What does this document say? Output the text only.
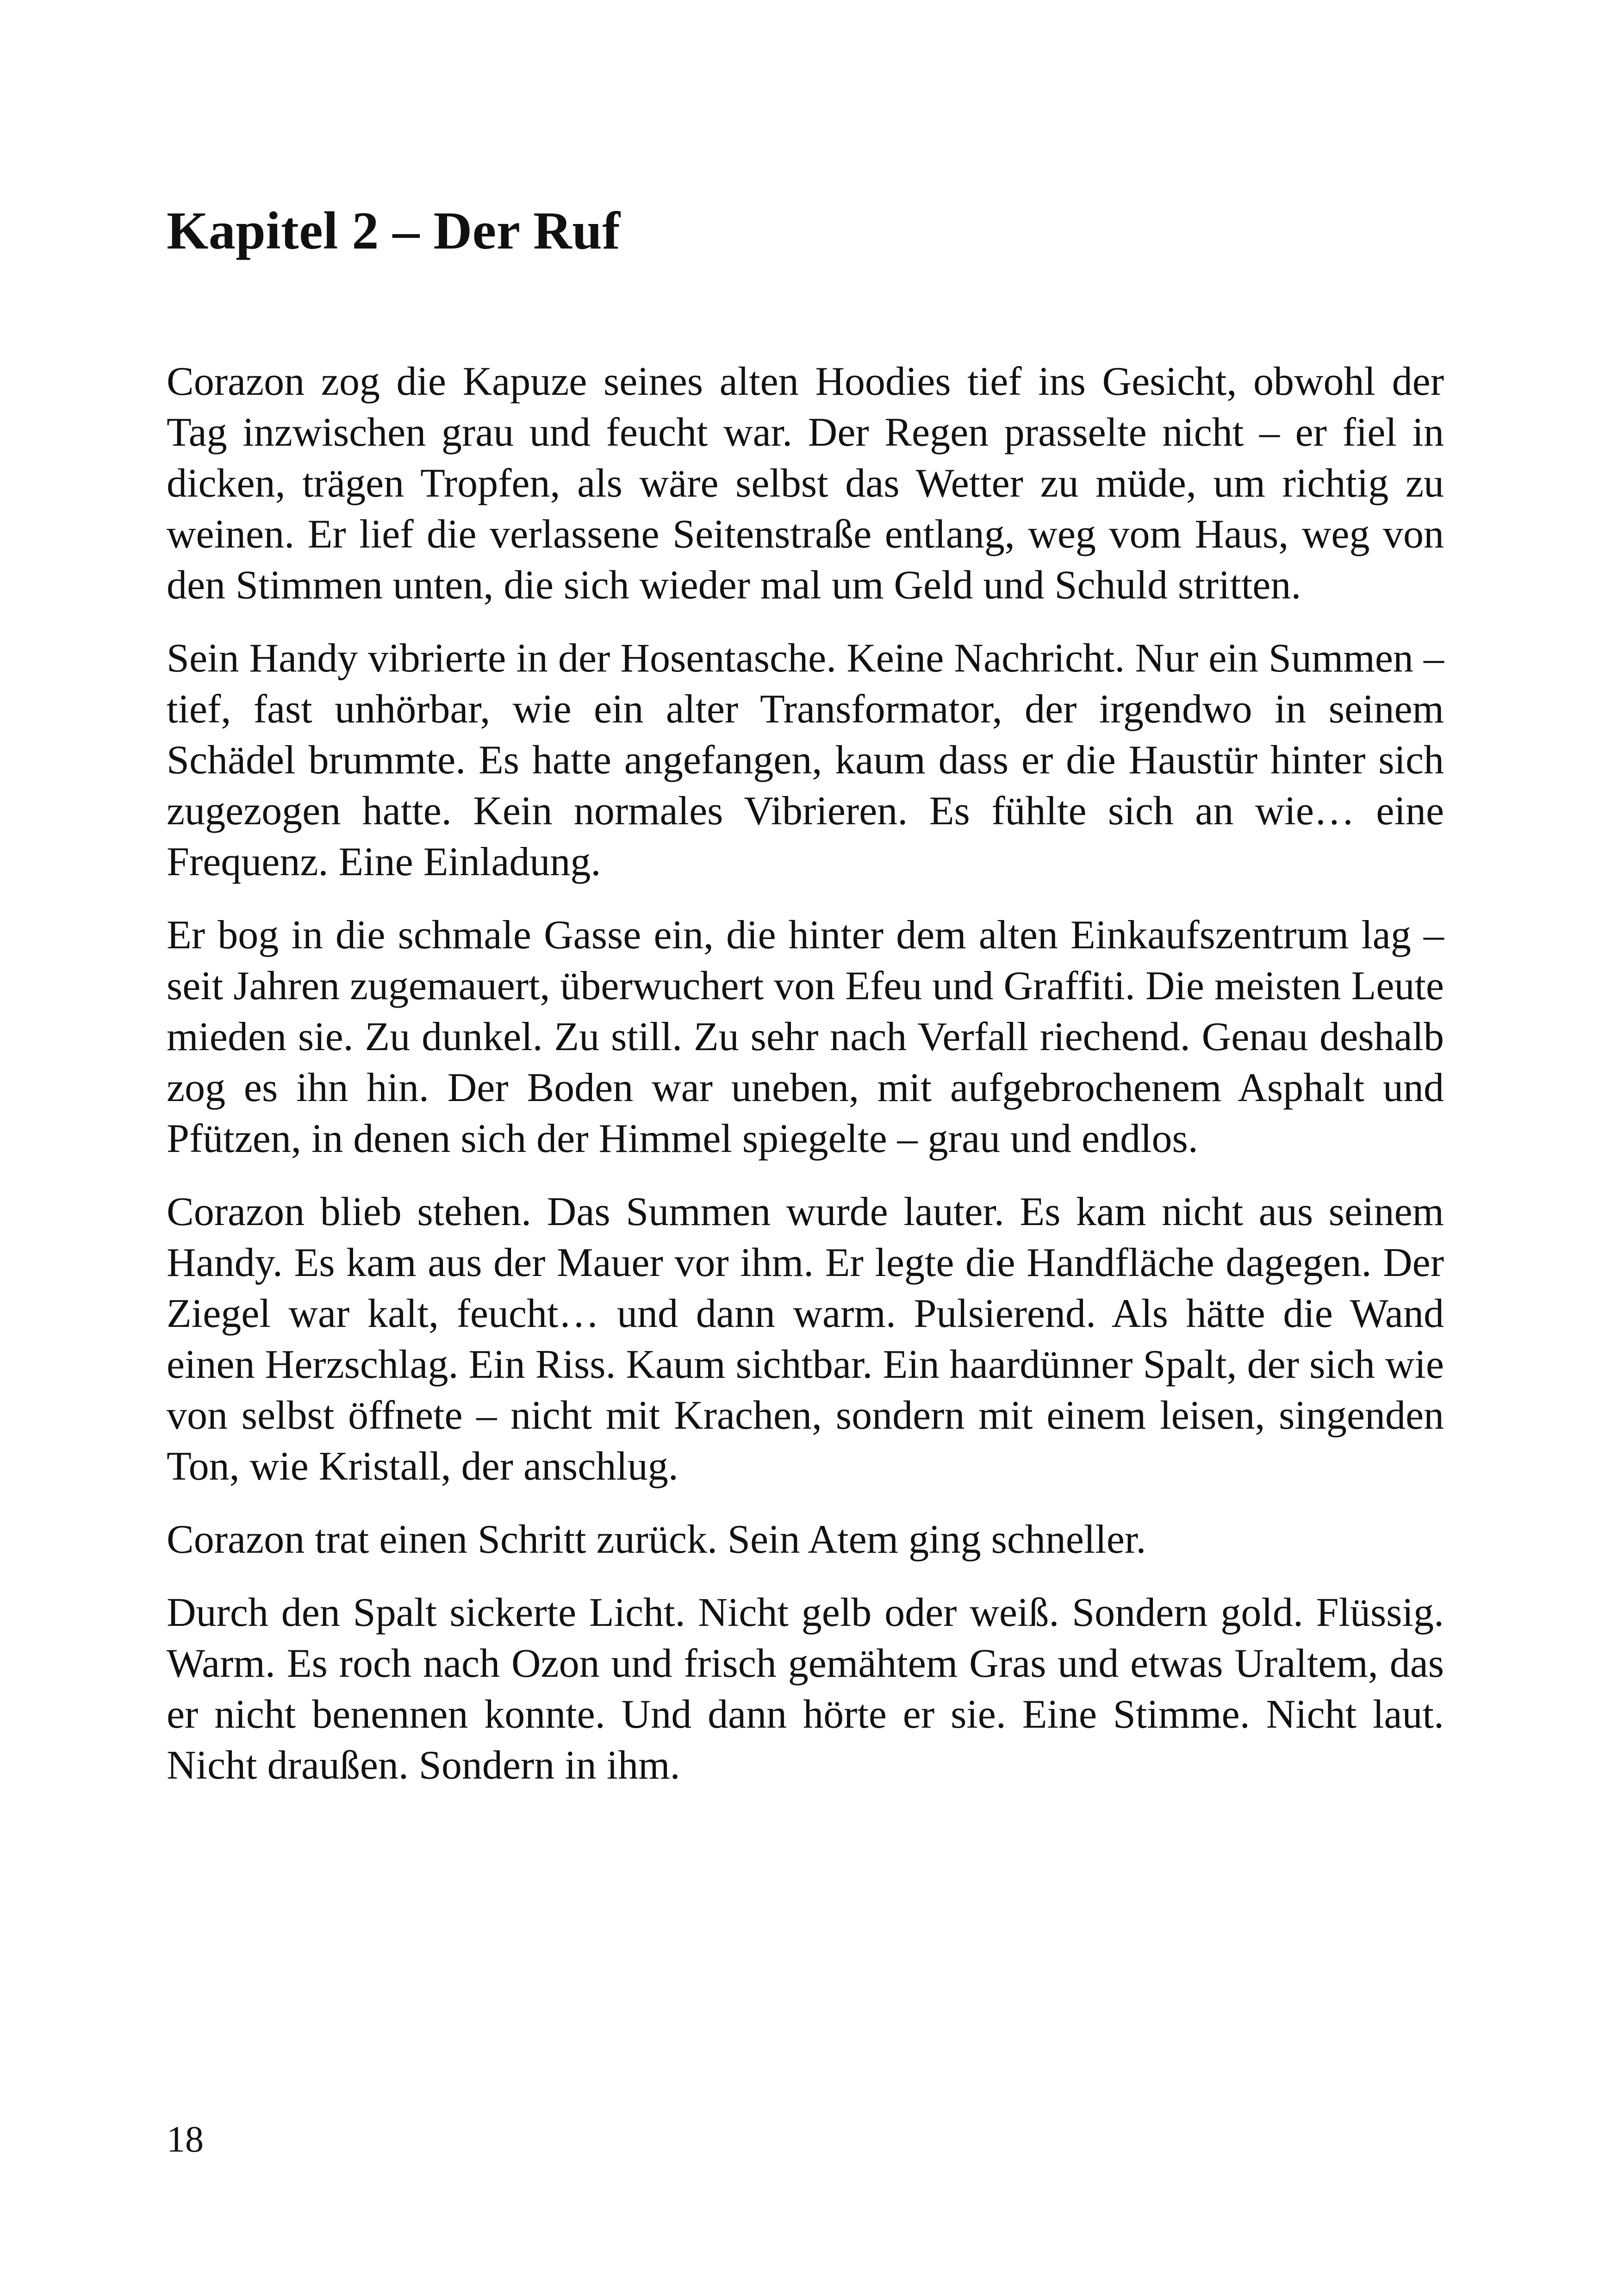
Kapitel 2 – Der Ruf

Corazon zog die Kapuze seines alten Hoodies tief ins Gesicht, obwohl der Tag inzwischen grau und feucht war. Der Regen prasselte nicht – er fiel in dicken, trägen Tropfen, als wäre selbst das Wetter zu müde, um richtig zu weinen. Er lief die verlassene Seitenstraße entlang, weg vom Haus, weg von den Stimmen unten, die sich wieder mal um Geld und Schuld stritten.

Sein Handy vibrierte in der Hosentasche. Keine Nachricht. Nur ein Summen – tief, fast unhörbar, wie ein alter Transformator, der irgendwo in seinem Schädel brummte. Es hatte angefangen, kaum dass er die Haustür hinter sich zugezogen hatte. Kein normales Vibrieren. Es fühlte sich an wie… eine Frequenz. Eine Einladung.

Er bog in die schmale Gasse ein, die hinter dem alten Einkaufszentrum lag – seit Jahren zugemauert, überwuchert von Efeu und Graffiti. Die meisten Leute mieden sie. Zu dunkel. Zu still. Zu sehr nach Verfall riechend. Genau deshalb zog es ihn hin. Der Boden war uneben, mit aufgebrochenem Asphalt und Pfützen, in denen sich der Himmel spiegelte – grau und endlos.

Corazon blieb stehen. Das Summen wurde lauter. Es kam nicht aus seinem Handy. Es kam aus der Mauer vor ihm. Er legte die Handfläche dagegen. Der Ziegel war kalt, feucht… und dann warm. Pulsierend. Als hätte die Wand einen Herzschlag. Ein Riss. Kaum sichtbar. Ein haardünner Spalt, der sich wie von selbst öffnete – nicht mit Krachen, sondern mit einem leisen, singenden Ton, wie Kristall, der anschlug.

Corazon trat einen Schritt zurück. Sein Atem ging schneller.

Durch den Spalt sickerte Licht. Nicht gelb oder weiß. Sondern gold. Flüssig. Warm. Es roch nach Ozon und frisch gemähtem Gras und etwas Uraltem, das er nicht benennen konnte. Und dann hörte er sie. Eine Stimme. Nicht laut. Nicht draußen. Sondern in ihm.

18
